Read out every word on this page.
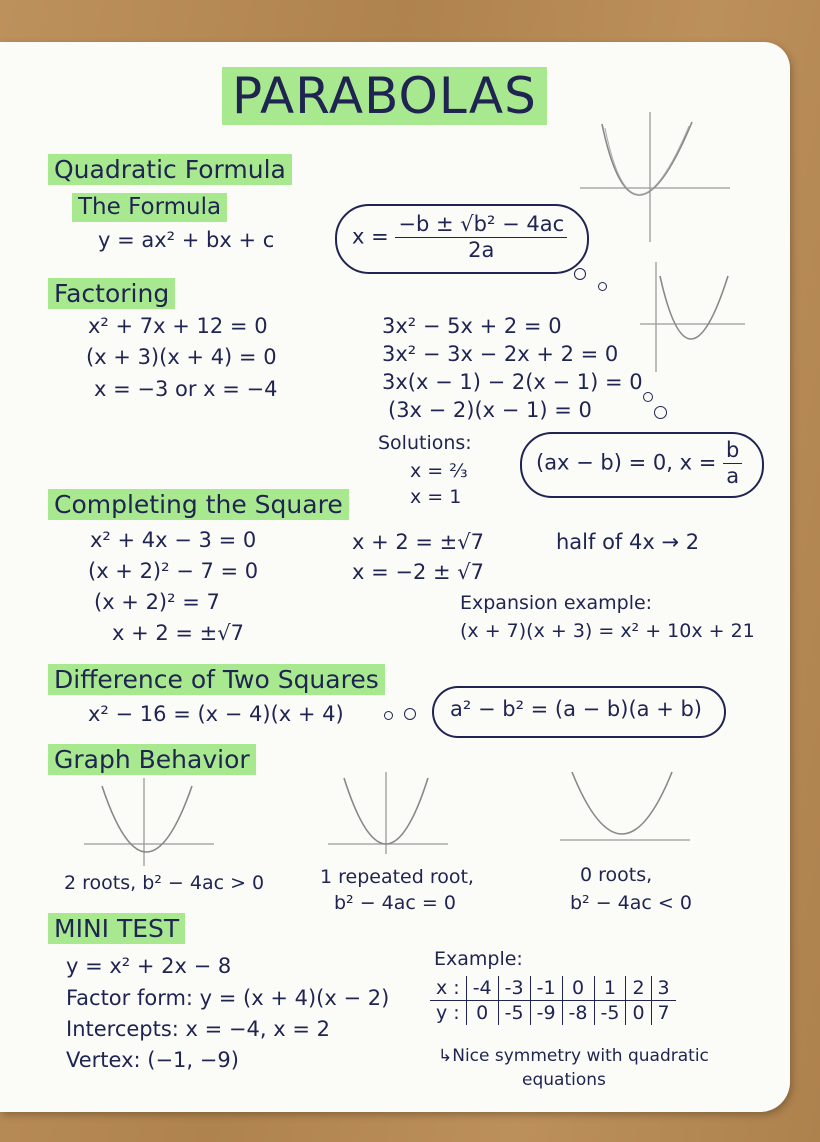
PARABOLAS
Quadratic Formula
The Formula
y = ax² + bx + c	$x = \frac{\text{−b ± √b² − 4ac}}{2a}$
Factoring
x² + 7x + 12 = 0
(x + 3)(x + 4) = 0
x = −3 or x = −4
3x² − 5x + 2 = 0
3x² − 3x − 2x + 2 = 0
3x(x − 1) − 2(x − 1) = 0
(3x − 2)(x − 1) = 0
Solutions:
x = ⅔
x = 1
(ax − b) = 0, $x = \frac{b}{a}$
Completing the Square
x² + 4x − 3 = 0
(x + 2)² − 7 = 0
(x + 2)² = 7
x + 2 = ±√7
x + 2 = ±√7
x = −2 ± √7
half of 4x → 2
Expansion example:
(x + 7)(x + 3) = x² + 10x + 21
Difference of Two Squares
x² − 16 = (x − 4)(x + 4)	a² − b² = (a − b)(a + b)
Graph Behavior
2 roots, b² − 4ac > 0	1 repeated root,
b² − 4ac = 0
0 roots,
b² − 4ac < 0
MINI TEST
y = x² + 2x − 8
Factor form: y = (x + 4)(x − 2)
Intercepts: x = −4, x = 2
Vertex: (−1, −9)
Example:
x :	-4	-3	-1	0	1	2	3
y :	0	-5	-9	-8	-5	0	7
↳Nice symmetry with quadratic
equations
